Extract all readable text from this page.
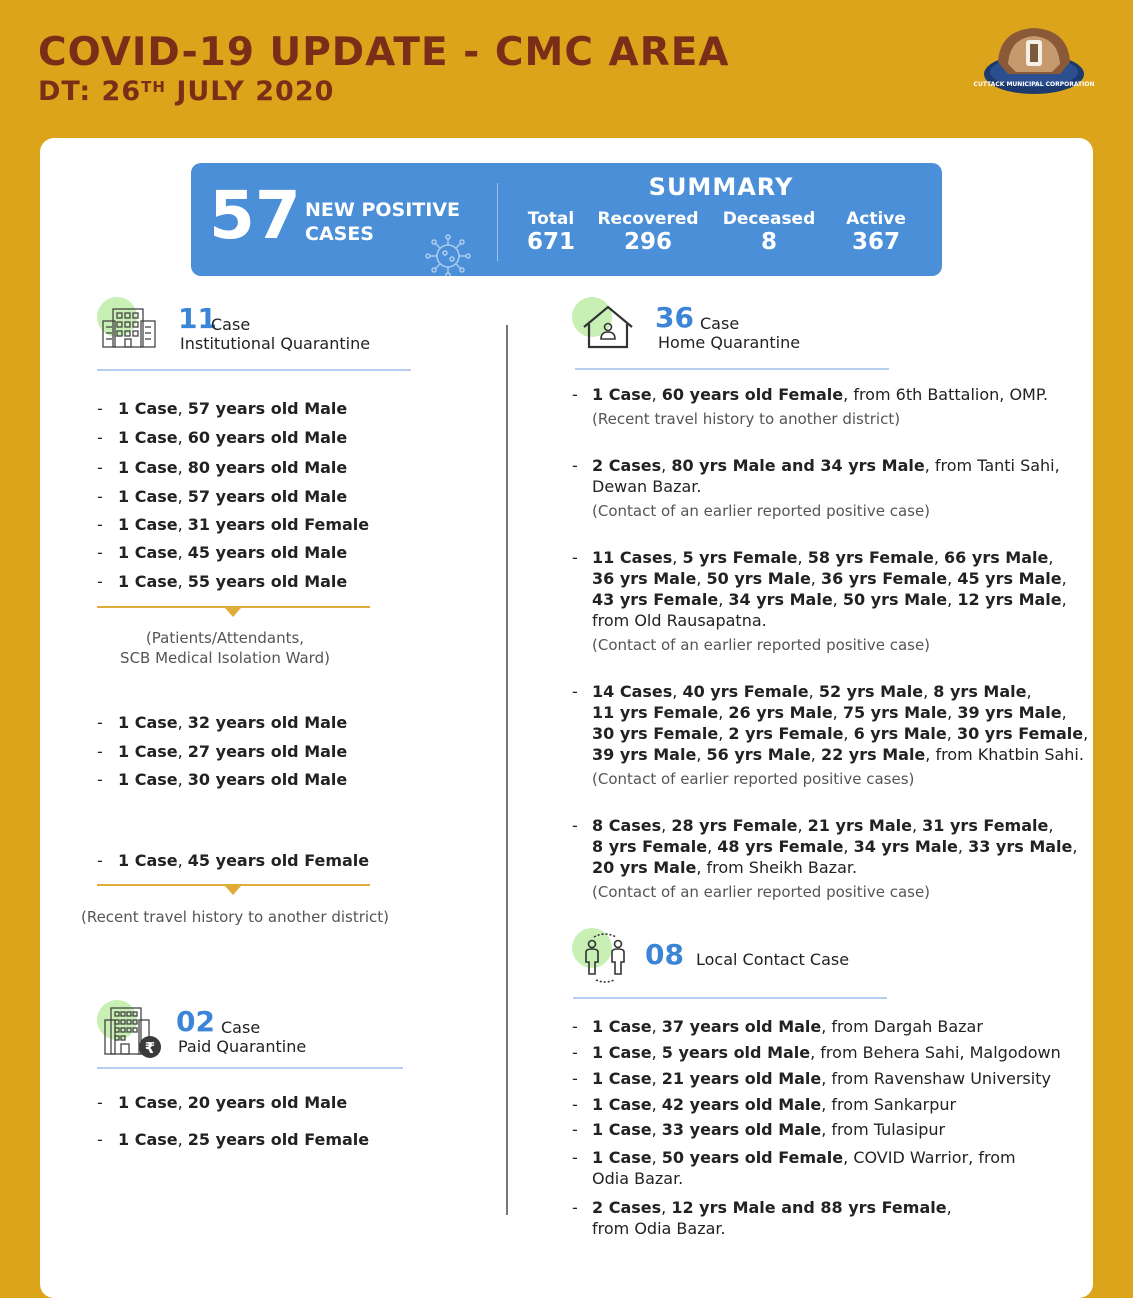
COVID-19 UPDATE - CMC AREA
DT: 26TH JULY 2020	CUTTACK MUNICIPAL CORPORATION
57 NEW POSITIVE
CASES
SUMMARY
Total
671
Recovered
296
Deceased
8
Active
367
11
Case
Institutional Quarantine
- 1 Case, 57 years old Male
- 1 Case, 60 years old Male
- 1 Case, 80 years old Male
- 1 Case, 57 years old Male
- 1 Case, 31 years old Female
- 1 Case, 45 years old Male
- 1 Case, 55 years old Male
(Patients/Attendants,
SCB Medical Isolation Ward)
- 1 Case, 32 years old Male
- 1 Case, 27 years old Male
- 1 Case, 30 years old Male
- 1 Case, 45 years old Female
(Recent travel history to another district)
₹
02 Case
Paid Quarantine
- 1 Case, 20 years old Male
- 1 Case, 25 years old Female
36 Case
Home Quarantine
- 1 Case, 60 years old Female, from 6th Battalion, OMP.
(Recent travel history to another district)
- 2 Cases, 80 yrs Male and 34 yrs Male, from Tanti Sahi,
Dewan Bazar.
(Contact of an earlier reported positive case)
- 11 Cases, 5 yrs Female, 58 yrs Female, 66 yrs Male,
36 yrs Male, 50 yrs Male, 36 yrs Female, 45 yrs Male,
43 yrs Female, 34 yrs Male, 50 yrs Male, 12 yrs Male,
from Old Rausapatna.
(Contact of an earlier reported positive case)
- 14 Cases, 40 yrs Female, 52 yrs Male, 8 yrs Male,
11 yrs Female, 26 yrs Male, 75 yrs Male, 39 yrs Male,
30 yrs Female, 2 yrs Female, 6 yrs Male, 30 yrs Female,
39 yrs Male, 56 yrs Male, 22 yrs Male, from Khatbin Sahi.
(Contact of earlier reported positive cases)
- 8 Cases, 28 yrs Female, 21 yrs Male, 31 yrs Female,
8 yrs Female, 48 yrs Female, 34 yrs Male, 33 yrs Male,
20 yrs Male, from Sheikh Bazar.
(Contact of an earlier reported positive case)
08 Local Contact Case
- 1 Case, 37 years old Male, from Dargah Bazar
- 1 Case, 5 years old Male, from Behera Sahi, Malgodown
- 1 Case, 21 years old Male, from Ravenshaw University
- 1 Case, 42 years old Male, from Sankarpur
- 1 Case, 33 years old Male, from Tulasipur
- 1 Case, 50 years old Female, COVID Warrior, from
Odia Bazar.
- 2 Cases, 12 yrs Male and 88 yrs Female,
from Odia Bazar.
